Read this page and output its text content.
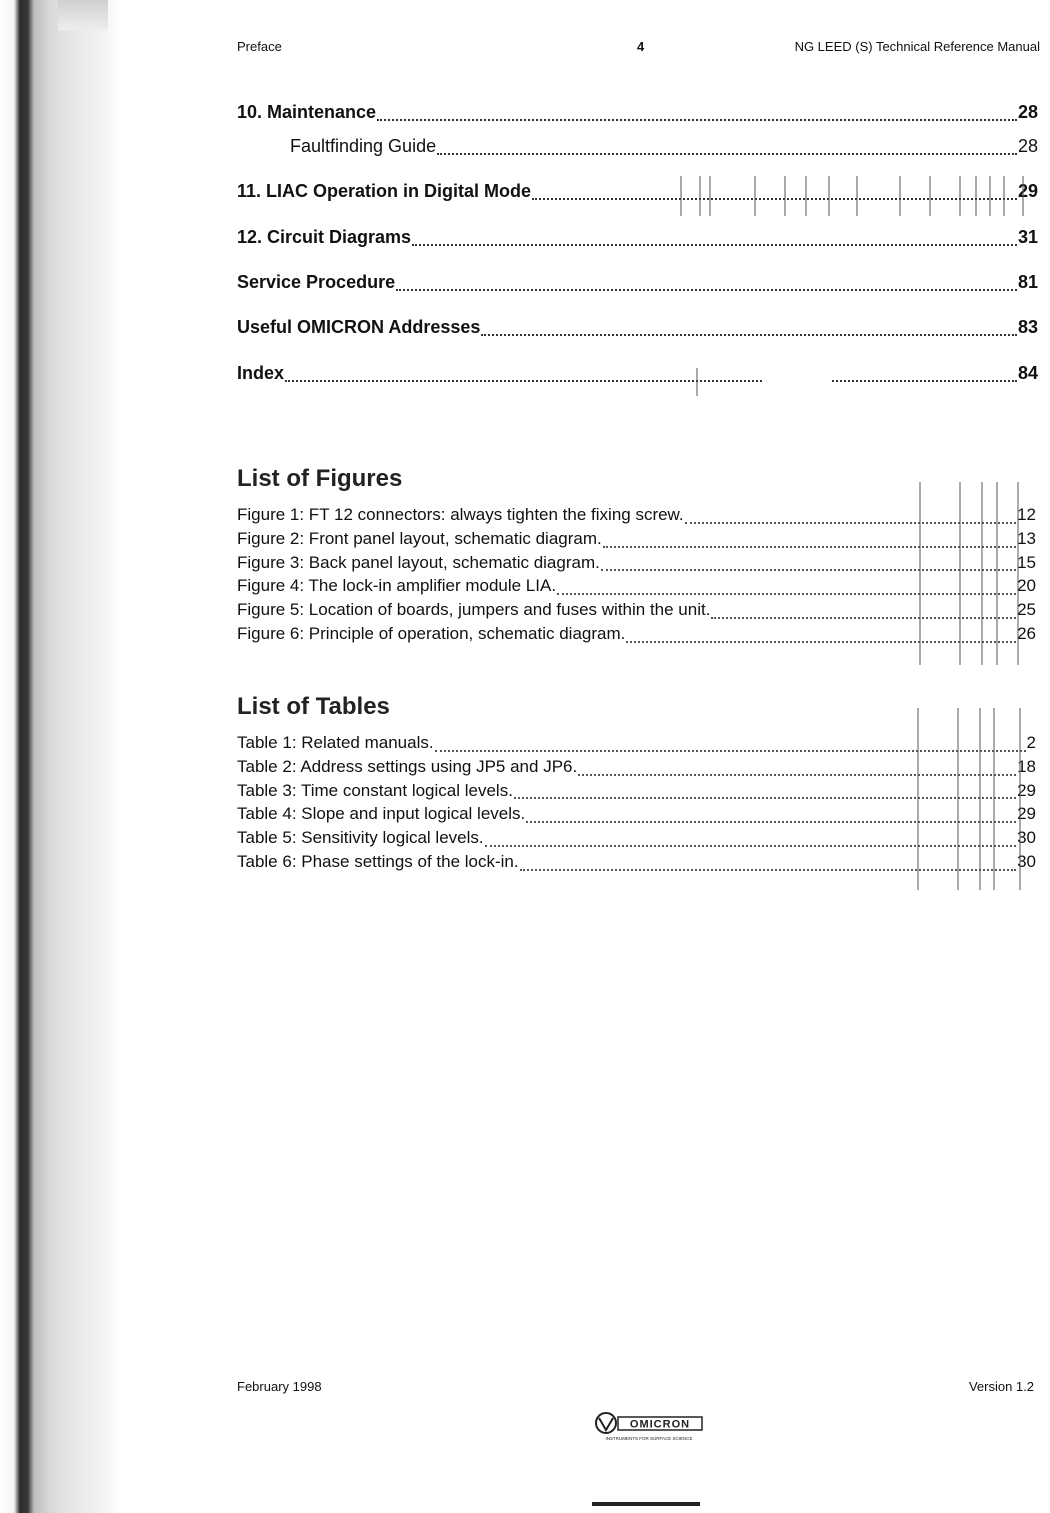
Preface	4	NG LEED (S) Technical Reference Manual
10. Maintenance	28
Faultfinding Guide	28
11. LIAC Operation in Digital Mode	29
12. Circuit Diagrams	31
Service Procedure	81
Useful OMICRON Addresses	83
Index	84
List of Figures
Figure 1: FT 12 connectors: always tighten the fixing screw.	12
Figure 2: Front panel layout, schematic diagram.	13
Figure 3: Back panel layout, schematic diagram.	15
Figure 4: The lock-in amplifier module LIA.	20
Figure 5: Location of boards, jumpers and fuses within the unit.	25
Figure 6: Principle of operation, schematic diagram.	26
List of Tables
Table 1: Related manuals.	2
Table 2: Address settings using JP5 and JP6.	18
Table 3: Time constant logical levels.	29
Table 4: Slope and input logical levels.	29
Table 5: Sensitivity logical levels.	30
Table 6: Phase settings of the lock-in.	30
February 1998	Version 1.2
OMICRON
INSTRUMENTS FOR SURFACE SCIENCE
